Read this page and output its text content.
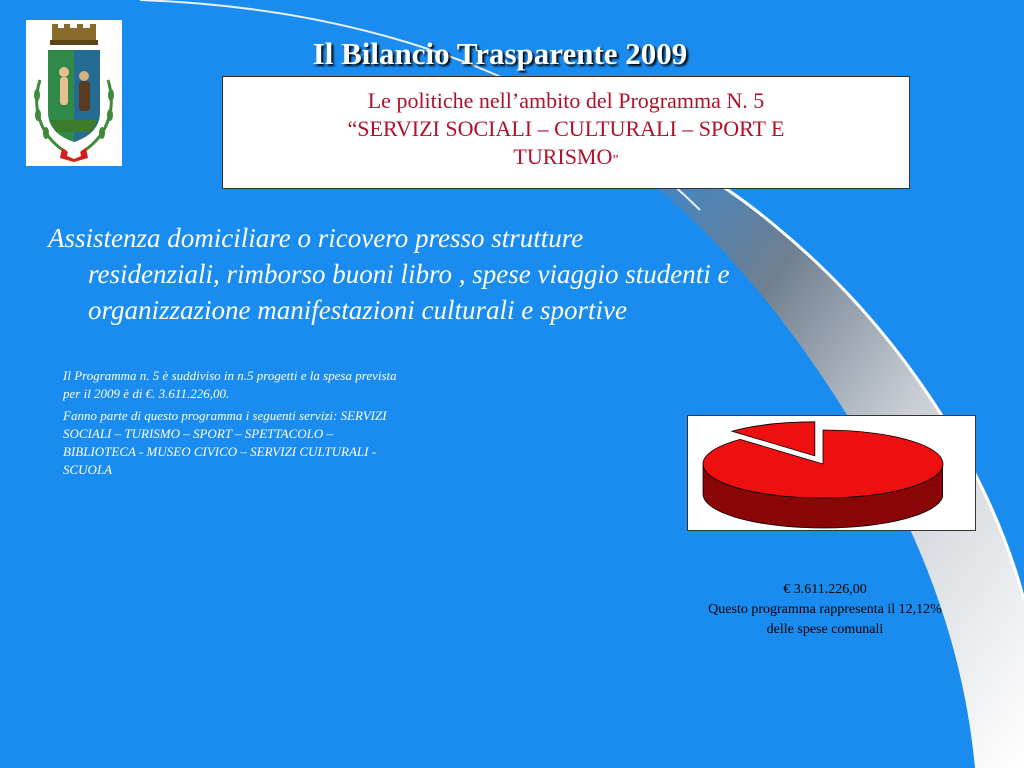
Il Bilancio Trasparente 2009
Le politiche nell’ambito del Programma N. 5
“SERVIZI SOCIALI – CULTURALI – SPORT E
TURISMO”
Assistenza domiciliare o ricovero presso strutture
residenziali, rimborso buoni libro , spese viaggio studenti e
organizzazione manifestazioni culturali e sportive

Il Programma n. 5 è suddiviso in n.5 progetti e la spesa prevista
per il 2009 è di €. 3.611.226,00.

Fanno parte di questo programma i seguenti servizi: SERVIZI
SOCIALI – TURISMO – SPORT – SPETTACOLO –
BIBLIOTECA - MUSEO CIVICO – SERVIZI CULTURALI -
SCUOLA

€ 3.611.226,00
Questo programma rappresenta il 12,12%
delle spese comunali
